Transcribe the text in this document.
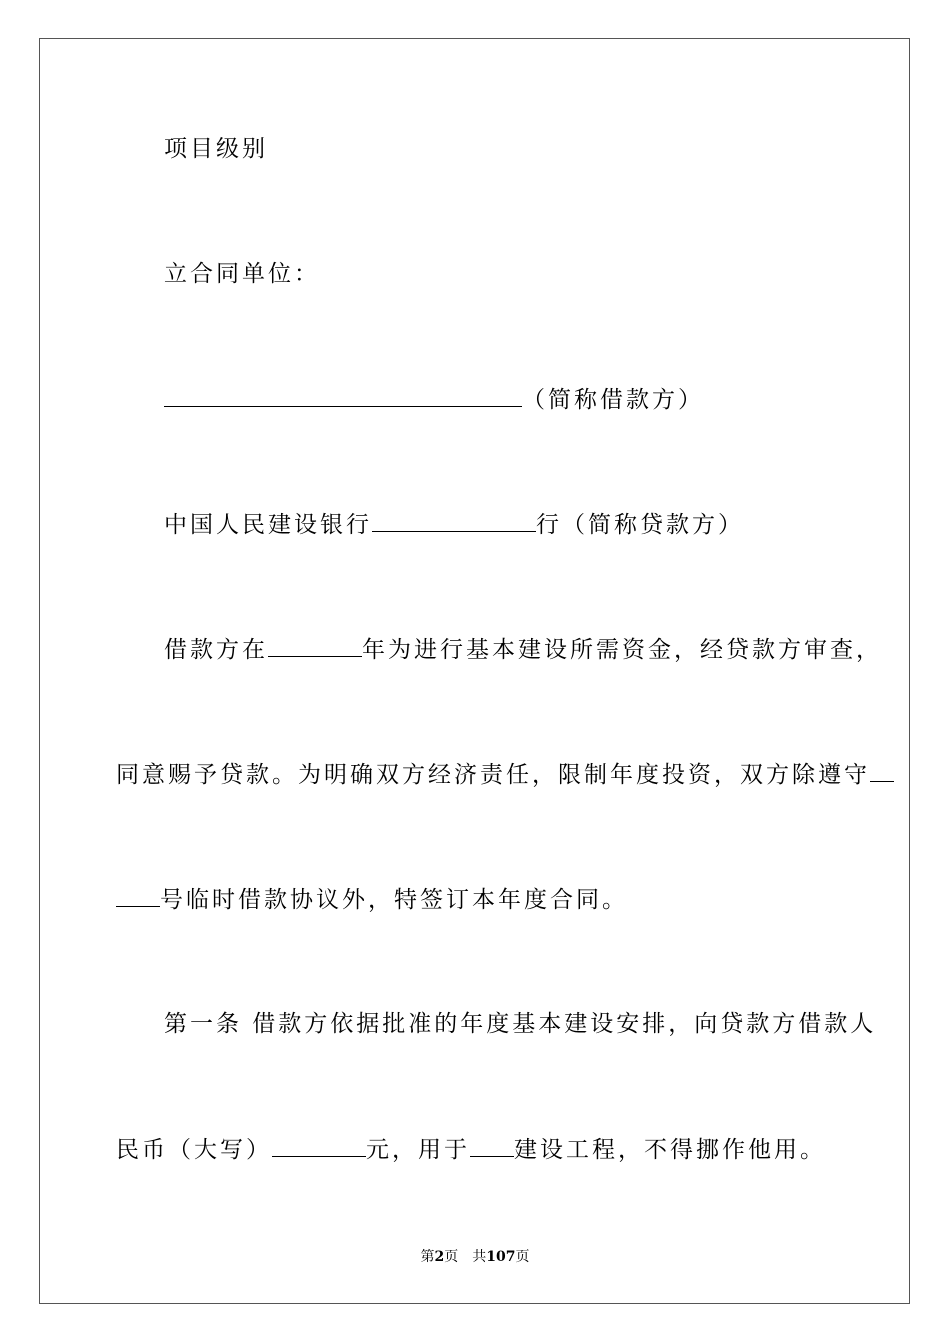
项目级别
立合同单位：
（简称借款方）
中国人民建设银行	行（简称贷款方）
借款方在	年为进行基本建设所需资金，经贷款方审查，
同意赐予贷款。为明确双方经济责任，限制年度投资，双方除遵守
号临时借款协议外，特签订本年度合同。
第一条 借款方依据批准的年度基本建设安排，向贷款方借款人
民币（大写）	元，用于 建设工程，不得挪作他用。
第2页 共107页
